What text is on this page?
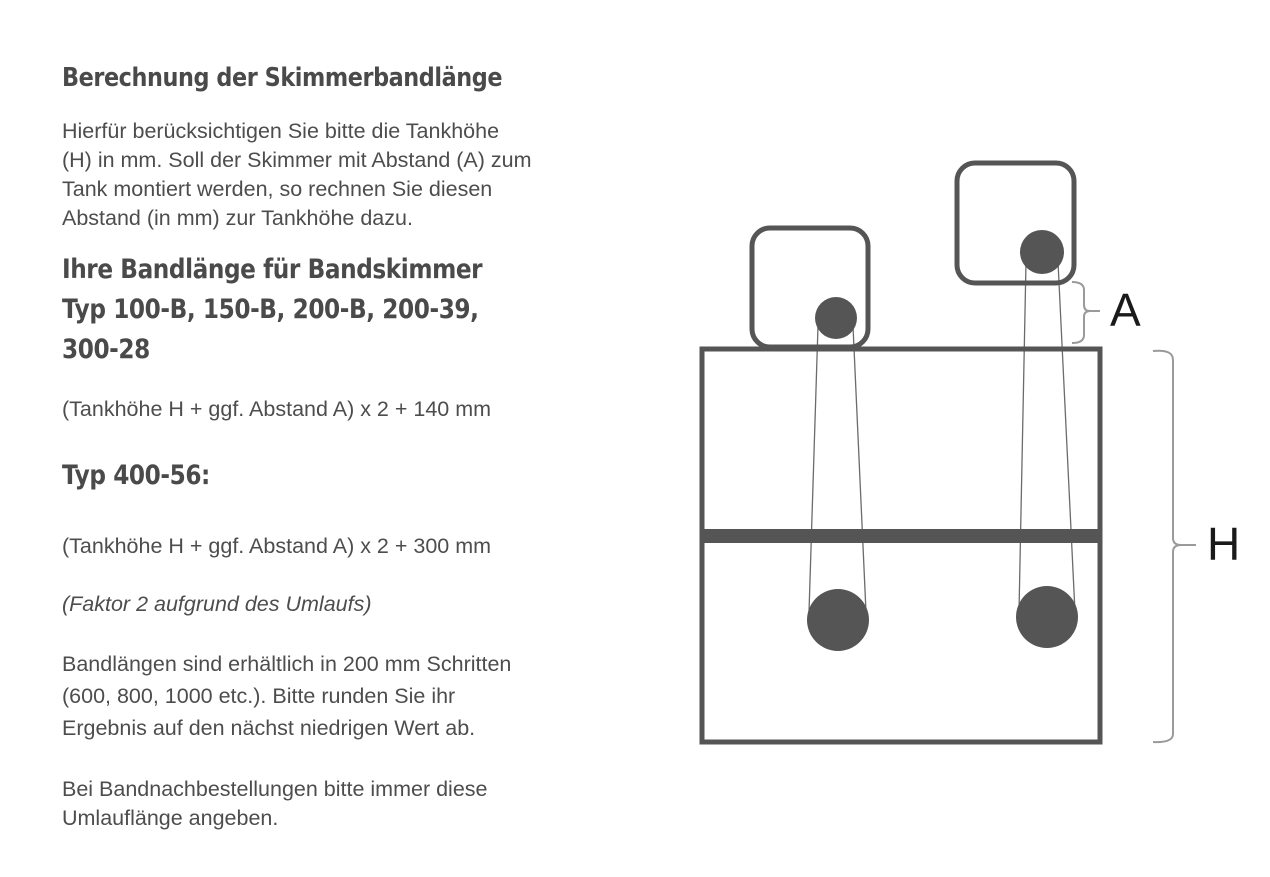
Berechnung der Skimmerbandlänge
Hierfür berücksichtigen Sie bitte die Tankhöhe
(H) in mm. Soll der Skimmer mit Abstand (A) zum
Tank montiert werden, so rechnen Sie diesen
Abstand (in mm) zur Tankhöhe dazu.
Ihre Bandlänge für Bandskimmer
Typ 100-B, 150-B, 200-B, 200-39,
300-28
(Tankhöhe H + ggf. Abstand A) x 2 + 140 mm
Typ 400-56:
(Tankhöhe H + ggf. Abstand A) x 2 + 300 mm
(Faktor 2 aufgrund des Umlaufs)
Bandlängen sind erhältlich in 200 mm Schritten
(600, 800, 1000 etc.). Bitte runden Sie ihr
Ergebnis auf den nächst niedrigen Wert ab.
Bei Bandnachbestellungen bitte immer diese
Umlauflänge angeben.
A
H
